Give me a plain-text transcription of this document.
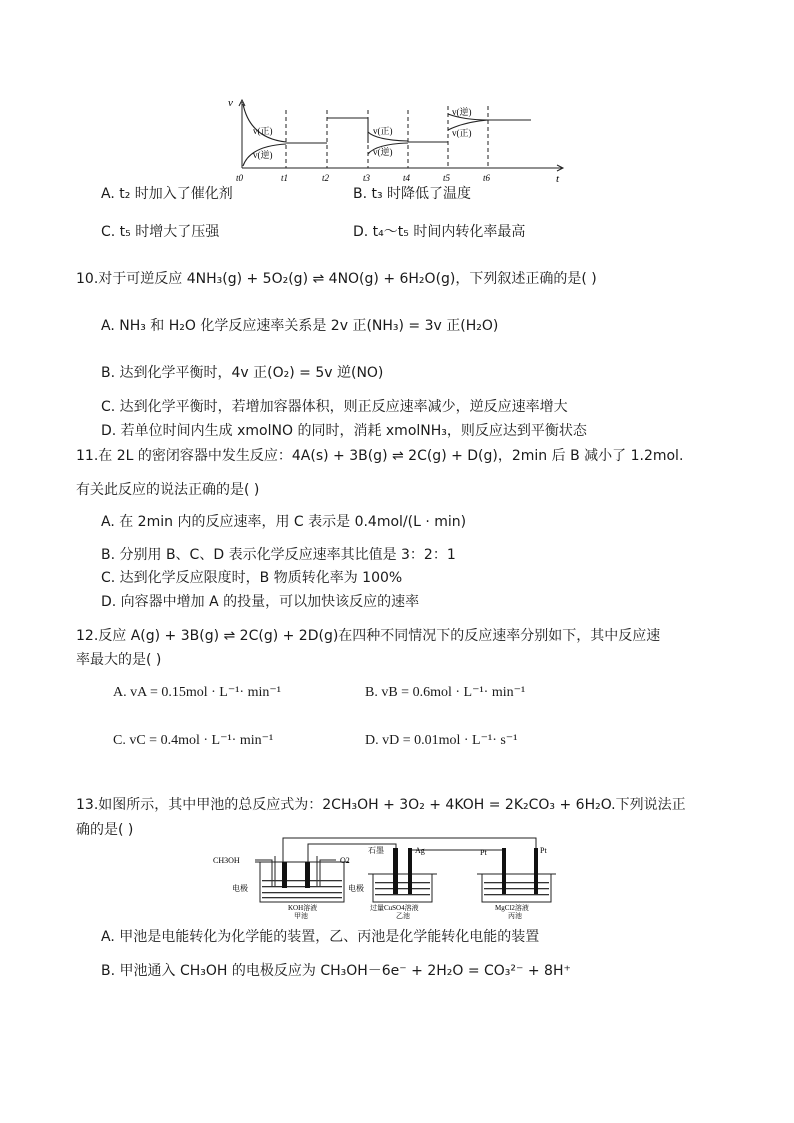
v
t
t0	t1	t2	t3	t4	t5	t6
v(正)
v(逆)
v(正)
v(逆)
v(逆)
v(正)
A. t₂ 时加入了催化剂	B. t₃ 时降低了温度
C. t₅ 时增大了压强	D. t₄～t₅ 时间内转化率最高
10.对于可逆反应 4NH₃(g) + 5O₂(g) ⇌ 4NO(g) + 6H₂O(g)，下列叙述正确的是( )
A. NH₃ 和 H₂O 化学反应速率关系是 2v 正(NH₃) = 3v 正(H₂O)
B. 达到化学平衡时，4v 正(O₂) = 5v 逆(NO)
C. 达到化学平衡时，若增加容器体积，则正反应速率减少，逆反应速率增大
D. 若单位时间内生成 xmolNO 的同时，消耗 xmolNH₃，则反应达到平衡状态
11.在 2L 的密闭容器中发生反应：4A(s) + 3B(g) ⇌ 2C(g) + D(g)，2min 后 B 减小了 1.2mol.
有关此反应的说法正确的是( )
A. 在 2min 内的反应速率，用 C 表示是 0.4mol/(L · min)
B. 分别用 B、C、D 表示化学反应速率其比值是 3：2：1
C. 达到化学反应限度时，B 物质转化率为 100%
D. 向容器中增加 A 的投量，可以加快该反应的速率
12.反应 A(g) + 3B(g) ⇌ 2C(g) + 2D(g)在四种不同情况下的反应速率分别如下，其中反应速
率最大的是( )
A. vA = 0.15mol · L⁻¹· min⁻¹	B. vB = 0.6mol · L⁻¹· min⁻¹
C. vC = 0.4mol · L⁻¹· min⁻¹	D. vD = 0.01mol · L⁻¹· s⁻¹
13.如图所示，其中甲池的总反应式为：2CH₃OH + 3O₂ + 4KOH = 2K₂CO₃ + 6H₂O.下列说法正
确的是( )
CH3OH	O2
石墨	Ag	Pt	Pt
电极	电极
KOH溶液
甲池
过量CuSO4溶液
乙池
MgCl2溶液
丙池
A. 甲池是电能转化为化学能的装置，乙、丙池是化学能转化电能的装置
B. 甲池通入 CH₃OH 的电极反应为 CH₃OH－6e⁻ + 2H₂O = CO₃²⁻ + 8H⁺
